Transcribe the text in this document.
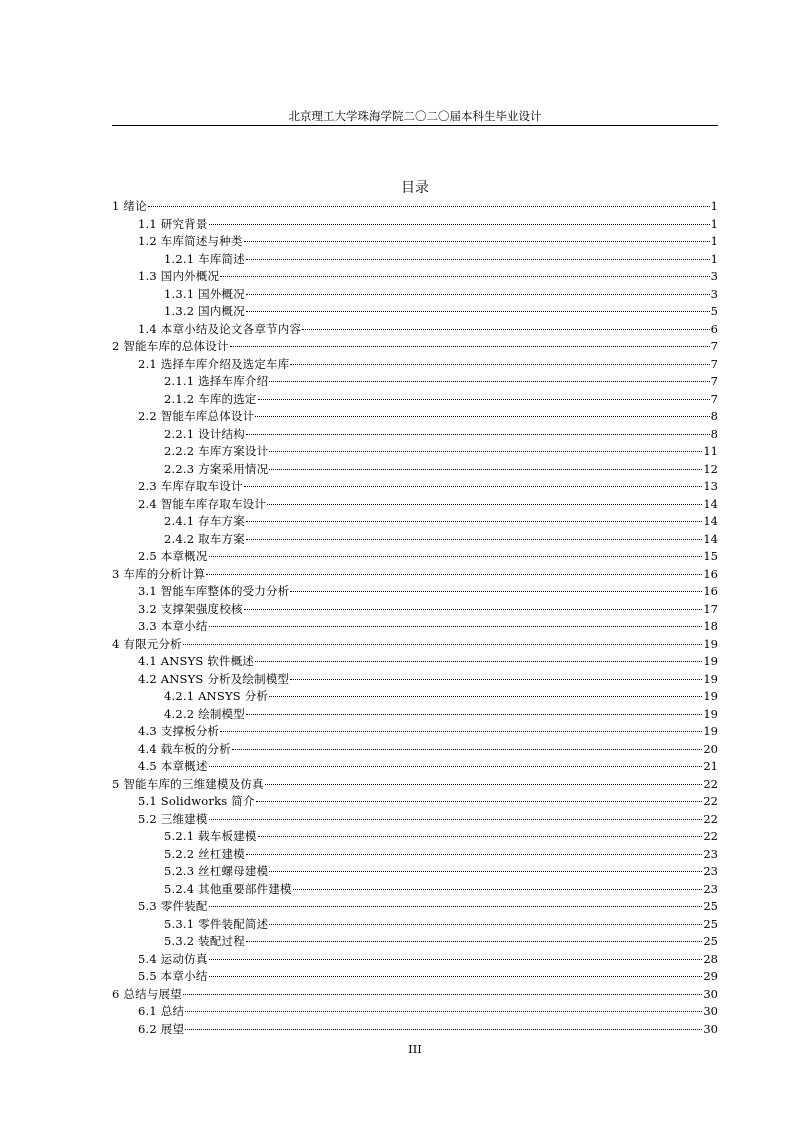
北京理工大学珠海学院二〇二〇届本科生毕业设计
目录
1 绪论	1
1.1 研究背景	1
1.2 车库简述与种类	1
1.2.1 车库简述	1
1.3 国内外概况	3
1.3.1 国外概况	3
1.3.2 国内概况	5
1.4 本章小结及论文各章节内容	6
2 智能车库的总体设计	7
2.1 选择车库介绍及选定车库	7
2.1.1 选择车库介绍	7
2.1.2 车库的选定	7
2.2 智能车库总体设计	8
2.2.1 设计结构	8
2.2.2 车库方案设计	11
2.2.3 方案采用情况	12
2.3 车库存取车设计	13
2.4 智能车库存取车设计	14
2.4.1 存车方案	14
2.4.2 取车方案	14
2.5 本章概况	15
3 车库的分析计算	16
3.1 智能车库整体的受力分析	16
3.2 支撑架强度校核	17
3.3 本章小结	18
4 有限元分析	19
4.1 ANSYS 软件概述	19
4.2 ANSYS 分析及绘制模型	19
4.2.1 ANSYS 分析	19
4.2.2 绘制模型	19
4.3 支撑板分析	19
4.4 载车板的分析	20
4.5 本章概述	21
5 智能车库的三维建模及仿真	22
5.1 Solidworks 简介	22
5.2 三维建模	22
5.2.1 载车板建模	22
5.2.2 丝杠建模	23
5.2.3 丝杠螺母建模	23
5.2.4 其他重要部件建模	23
5.3 零件装配	25
5.3.1 零件装配简述	25
5.3.2 装配过程	25
5.4 运动仿真	28
5.5 本章小结	29
6 总结与展望	30
6.1 总结	30
6.2 展望	30
III
